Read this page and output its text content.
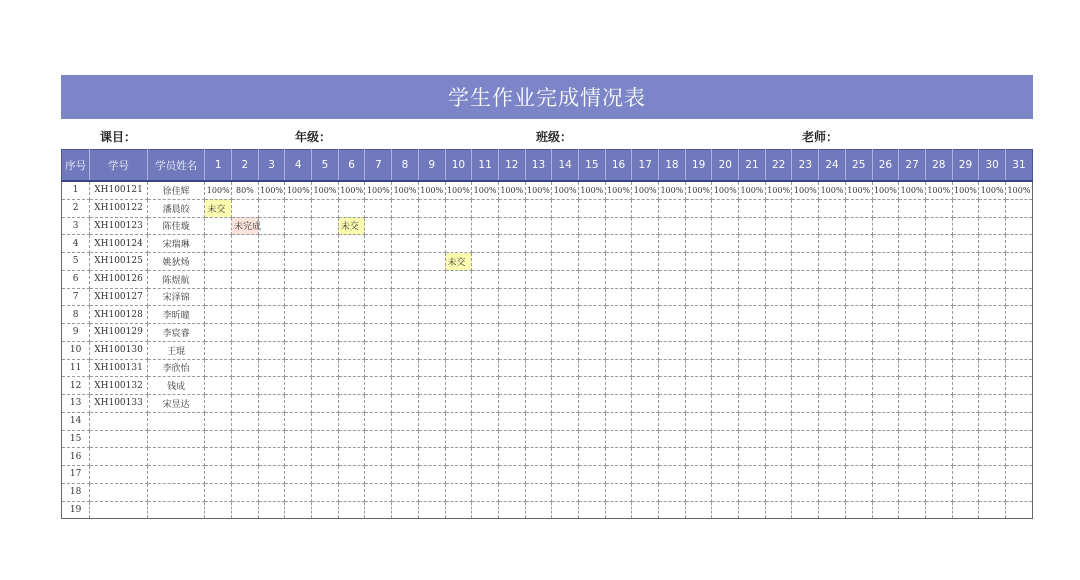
学生作业完成情况表
课目：	年级：	班级：	老师：
序号	学号	学员姓名	1	2	3	4	5	6	7	8	9	10	11	12	13	14	15	16	17	18	19	20	21	22	23	24	25	26	27	28	29	30	31
1	XH100121	徐佳辉	100%	80%	100%	100%	100%	100%	100%	100%	100%	100%	100%	100%	100%	100%	100%	100%	100%	100%	100%	100%	100%	100%	100%	100%	100%	100%	100%	100%	100%	100%	100%
2	XH100122	潘晨皎	未交																														
3	XH100123	陈佳璇		未完成				未交																									
4	XH100124	宋瑞琳																															
5	XH100125	姚狄炀										未交																					
6	XH100126	陈煜航																															
7	XH100127	宋泽锦																															
8	XH100128	李昕瞳																															
9	XH100129	李宸睿																															
10	XH100130	王琨																															
11	XH100131	李欣怡																															
12	XH100132	钱成																															
13	XH100133	宋昱达																															
14																																	
15																																	
16																																	
17																																	
18																																	
19																																	
